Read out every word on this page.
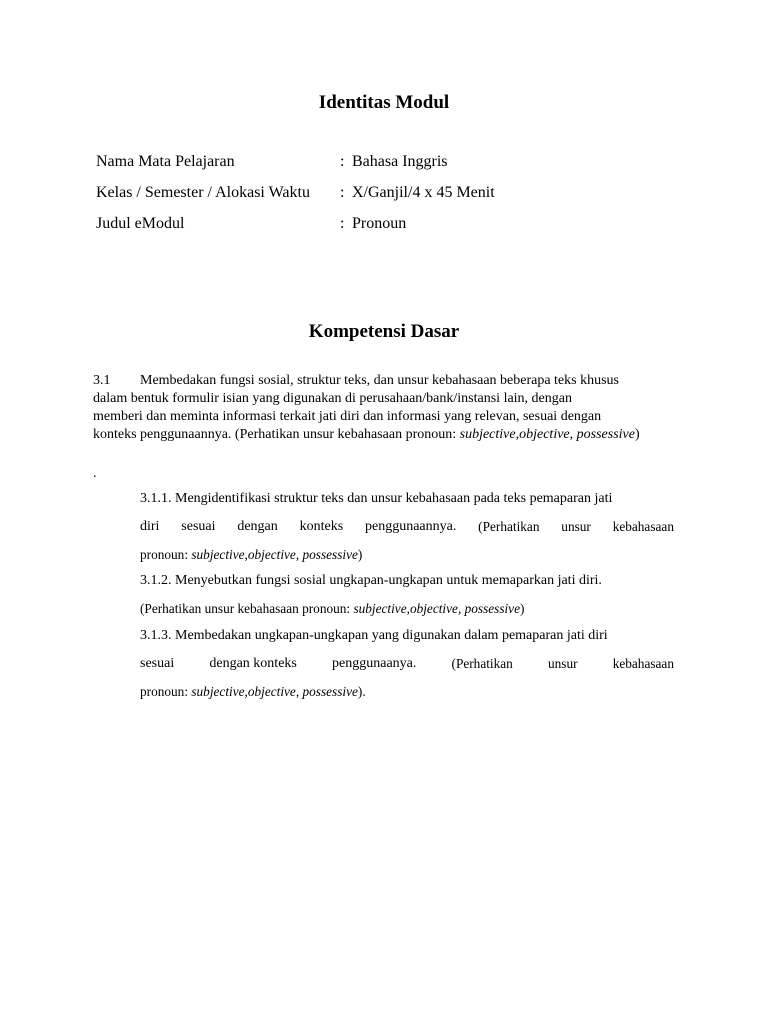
Identitas Modul
Nama Mata Pelajaran	: Bahasa Inggris
Kelas / Semester / Alokasi Waktu : X/Ganjil/4 x 45 Menit
Judul eModul	: Pronoun
Kompetensi Dasar
3.1 Membedakan fungsi sosial, struktur teks, dan unsur kebahasaan beberapa teks khusus
dalam bentuk formulir isian yang digunakan di perusahaan/bank/instansi lain, dengan
memberi dan meminta informasi terkait jati diri dan informasi yang relevan, sesuai dengan
konteks penggunaannya. (Perhatikan unsur kebahasaan pronoun: subjective,objective, possessive)
.
3.1.1. Mengidentifikasi struktur teks dan unsur kebahasaan pada teks pemaparan jati
diri sesuai dengan konteks penggunaannya. (Perhatikan unsur kebahasaan
pronoun: subjective,objective, possessive)
3.1.2. Menyebutkan fungsi sosial ungkapan-ungkapan untuk memaparkan jati diri.
(Perhatikan unsur kebahasaan pronoun: subjective,objective, possessive)
3.1.3. Membedakan ungkapan-ungkapan yang digunakan dalam pemaparan jati diri
sesuai	dengan konteks	penggunaanya.	(Perhatikan	unsur	kebahasaan
pronoun: subjective,objective, possessive).
